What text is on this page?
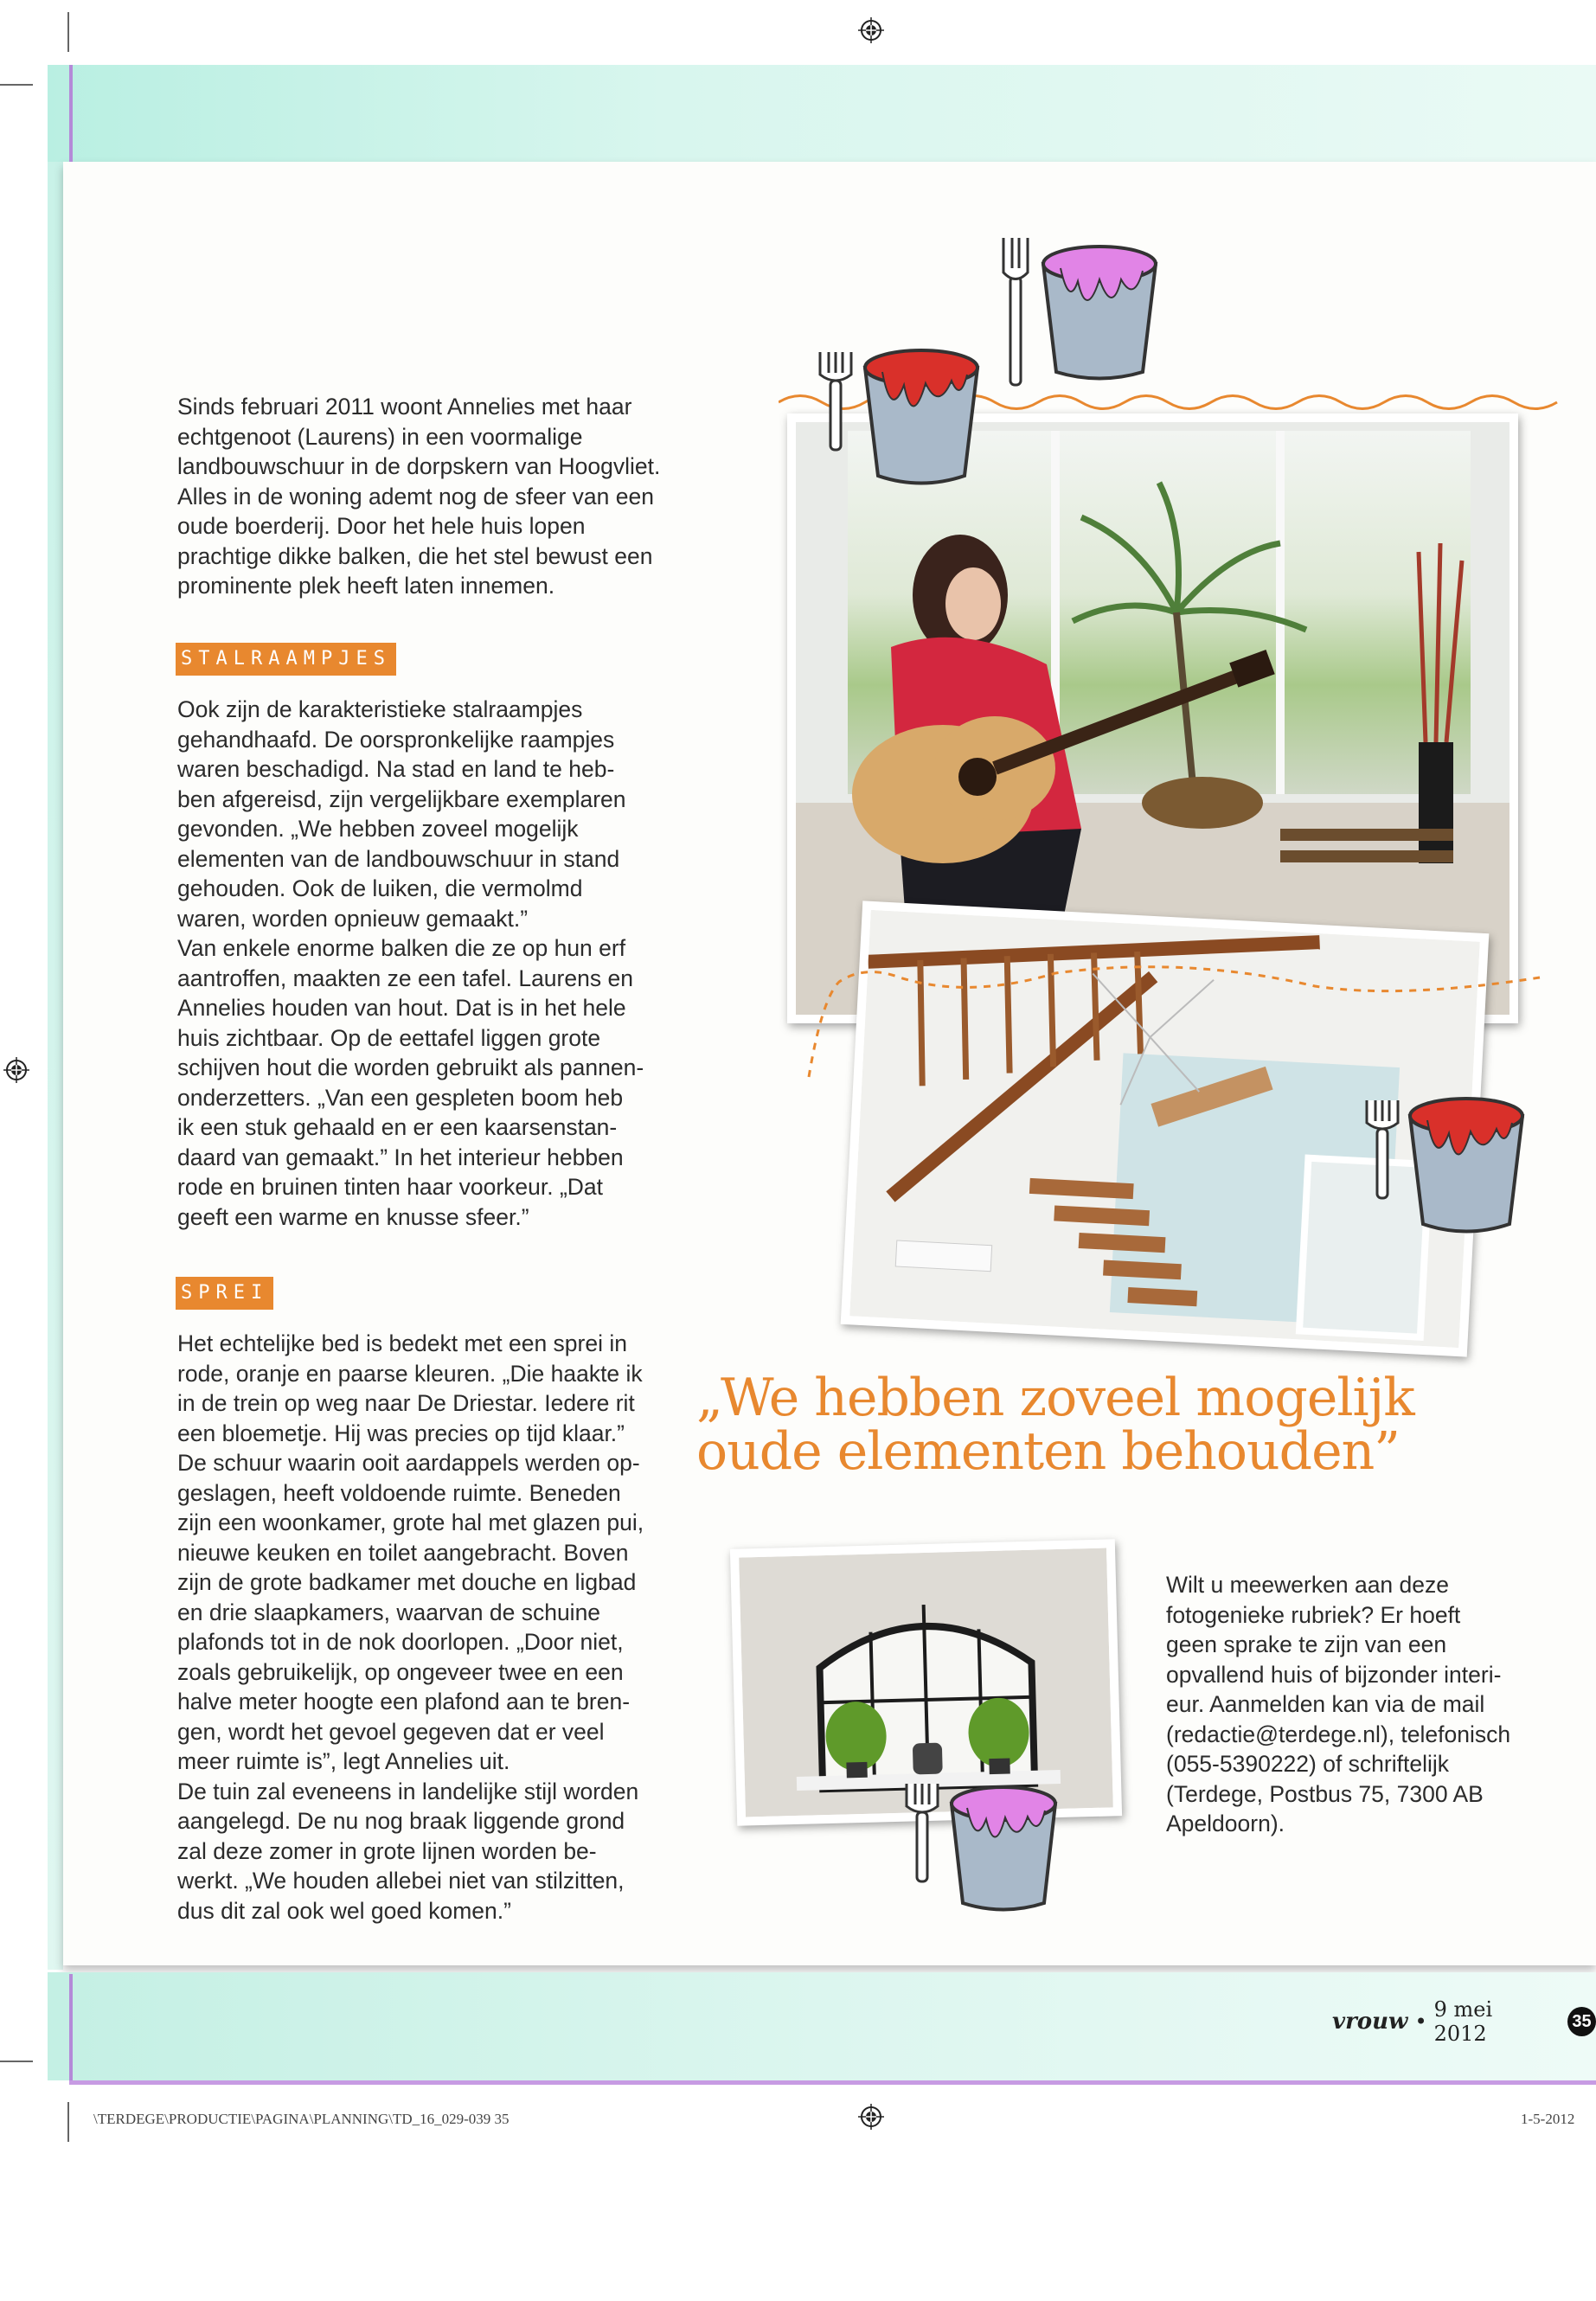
Sinds februari 2011 woont Annelies met haar echtgenoot (Laurens) in een voormalige landbouwschuur in de dorpskern van Hoogvliet. Alles in de woning ademt nog de sfeer van een oude boerderij. Door het hele huis lopen prachtige dikke balken, die het stel bewust een prominente plek heeft laten innemen.

STALRAAMPJES

Ook zijn de karakteristieke stalraampjes

gehandhaafd. De oorspronkelijke raampjes

waren beschadigd. Na stad en land te heb-

ben afgereisd, zijn vergelijkbare exemplaren

gevonden. „We hebben zoveel mogelijk

elementen van de landbouwschuur in stand

gehouden. Ook de luiken, die vermolmd

waren, worden opnieuw gemaakt.”

Van enkele enorme balken die ze op hun erf

aantroffen, maakten ze een tafel. Laurens en

Annelies houden van hout. Dat is in het hele

huis zichtbaar. Op de eettafel liggen grote

schijven hout die worden gebruikt als pannen-

onderzetters. „Van een gespleten boom heb

ik een stuk gehaald en er een kaarsenstan-

daard van gemaakt.” In het interieur hebben

rode en bruinen tinten haar voorkeur. „Dat

geeft een warme en knusse sfeer.”

SPREI

Het echtelijke bed is bedekt met een sprei in

rode, oranje en paarse kleuren. „Die haakte ik

in de trein op weg naar De Driestar. Iedere rit

een bloemetje. Hij was precies op tijd klaar.”

De schuur waarin ooit aardappels werden op-

geslagen, heeft voldoende ruimte. Beneden

zijn een woonkamer, grote hal met glazen pui,

nieuwe keuken en toilet aangebracht. Boven

zijn de grote badkamer met douche en ligbad

en drie slaapkamers, waarvan de schuine

plafonds tot in de nok doorlopen. „Door niet,

zoals gebruikelijk, op ongeveer twee en een

halve meter hoogte een plafond aan te bren-

gen, wordt het gevoel gegeven dat er veel

meer ruimte is”, legt Annelies uit.

De tuin zal eveneens in landelijke stijl worden

aangelegd. De nu nog braak liggende grond

zal deze zomer in grote lijnen worden be-

werkt. „We houden allebei niet van stilzitten,

dus dit zal ook wel goed komen.”

„We hebben zoveel mogelijk
oude elementen behouden”

Wilt u meewerken aan deze

fotogenieke rubriek? Er hoeft

geen sprake te zijn van een

opvallend huis of bijzonder interi-

eur. Aanmelden kan via de mail

(redactie@terdege.nl), telefonisch

(055-5390222) of schriftelijk

(Terdege, Postbus 75, 7300 AB

Apeldoorn).

vrouw • 9 mei 2012	35
\TERDEGE\PRODUCTIE\PAGINA\PLANNING\TD_16_029-039 35	1-5-2012
